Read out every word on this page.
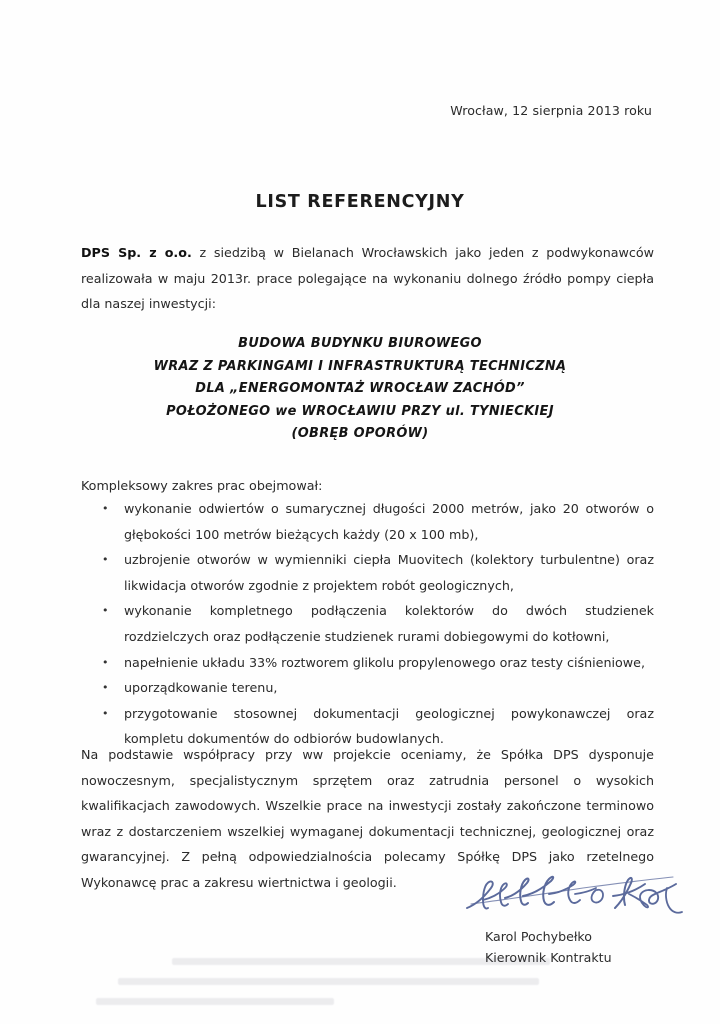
Wrocław, 12 sierpnia 2013 roku
LIST REFERENCYJNY

DPS Sp. z o.o. z siedzibą w Bielanach Wrocławskich jako jeden z podwykonawców realizowała w maju 2013r. prace polegające na wykonaniu dolnego źródło pompy ciepła dla naszej inwestycji:

BUDOWA BUDYNKU BIUROWEGO
WRAZ Z PARKINGAMI I INFRASTRUKTURĄ TECHNICZNĄ
DLA „ENERGOMONTAŻ WROCŁAW ZACHÓD”
POŁOŻONEGO we WROCŁAWIU PRZY ul. TYNIECKIEJ
(OBRĘB OPORÓW)

Kompleksowy zakres prac obejmował:

• wykonanie odwiertów o sumarycznej długości 2000 metrów, jako 20 otworów o głębokości 100 metrów bieżących każdy (20 x 100 mb),
• uzbrojenie otworów w wymienniki ciepła Muovitech (kolektory turbulentne) oraz likwidacja otworów zgodnie z projektem robót geologicznych,
• wykonanie kompletnego podłączenia kolektorów do dwóch studzienek rozdzielczych oraz podłączenie studzienek rurami dobiegowymi do kotłowni,
• napełnienie układu 33% roztworem glikolu propylenowego oraz testy ciśnieniowe,
• uporządkowanie terenu,
• przygotowanie stosownej dokumentacji geologicznej powykonawczej oraz kompletu dokumentów do odbiorów budowlanych.

Na podstawie współpracy przy ww projekcie oceniamy, że Spółka DPS dysponuje nowoczesnym, specjalistycznym sprzętem oraz zatrudnia personel o wysokich kwalifikacjach zawodowych. Wszelkie prace na inwestycji zostały zakończone terminowo wraz z dostarczeniem wszelkiej wymaganej dokumentacji technicznej, geologicznej oraz gwarancyjnej. Z pełną odpowiedzialnościa polecamy Spółkę DPS jako rzetelnego Wykonawcę prac a zakresu wiertnictwa i geologii.

Karol Pochybełko
Kierownik Kontraktu
